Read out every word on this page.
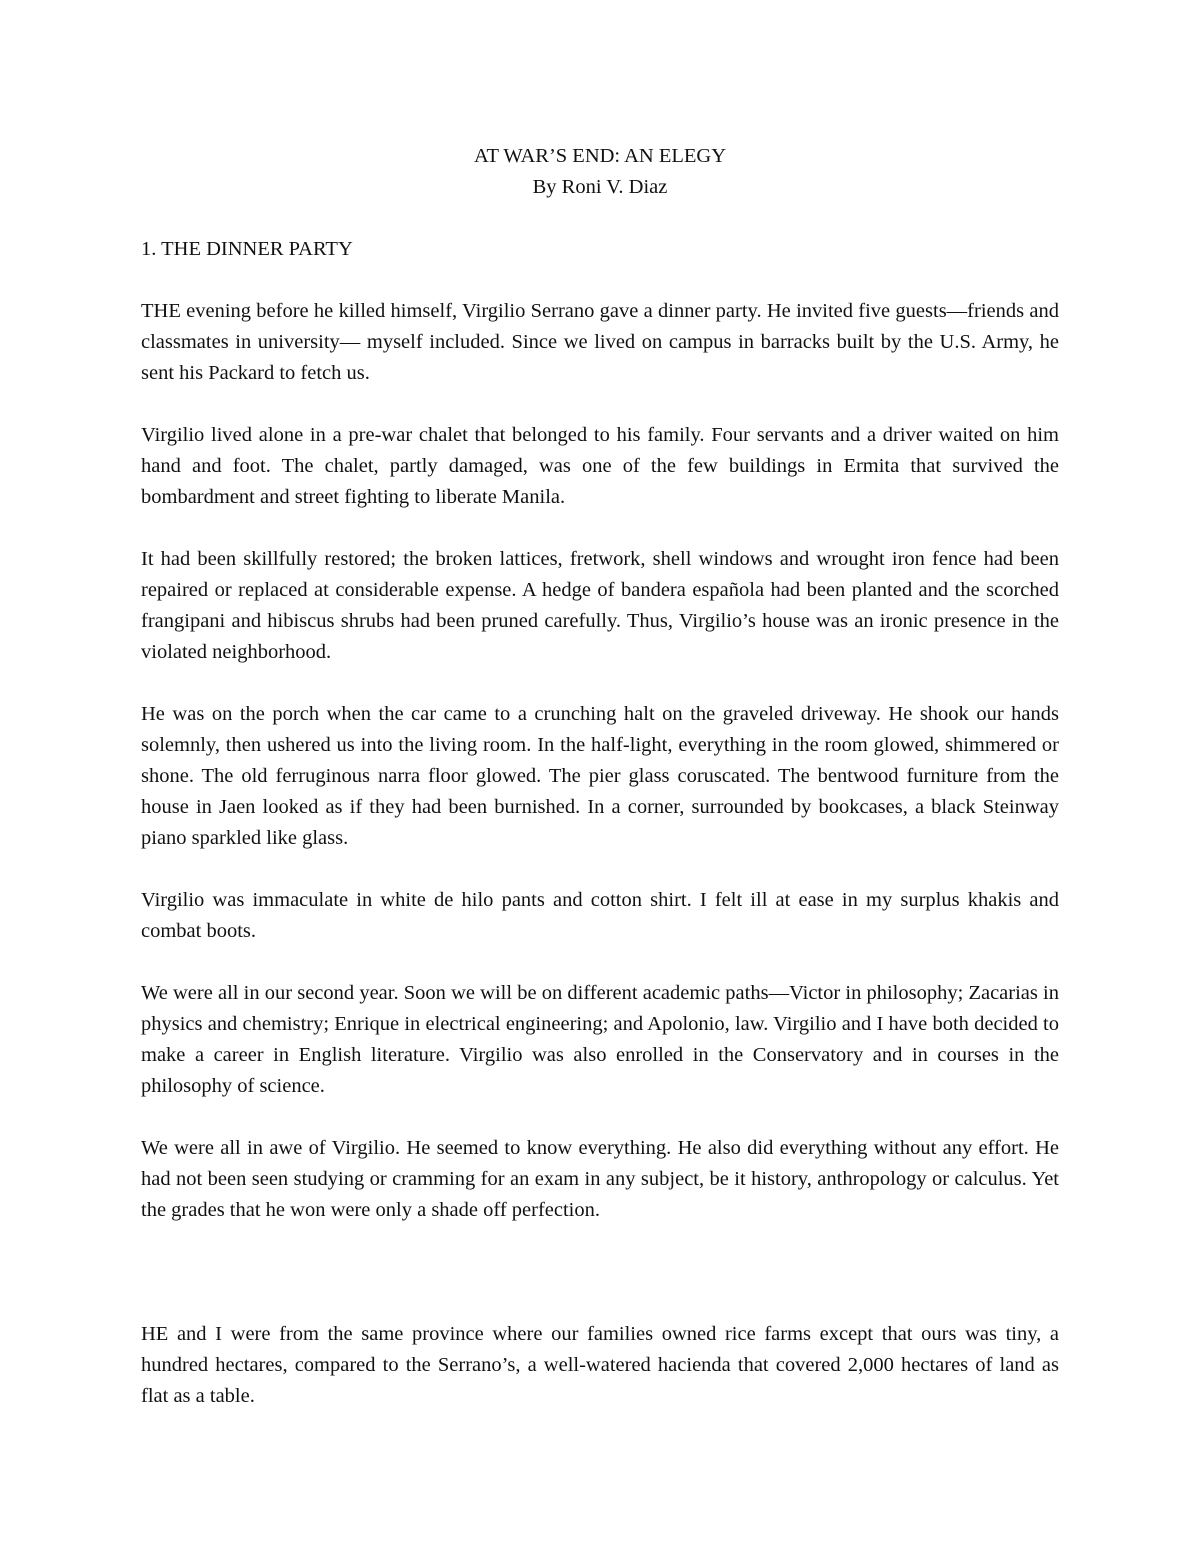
AT WAR’S END: AN ELEGY

By Roni V. Diaz

1. THE DINNER PARTY

THE evening before he killed himself, Virgilio Serrano gave a dinner party. He invited five guests—friends and classmates in university— myself included. Since we lived on campus in barracks built by the U.S. Army, he sent his Packard to fetch us.

Virgilio lived alone in a pre-war chalet that belonged to his family. Four servants and a driver waited on him hand and foot. The chalet, partly damaged, was one of the few buildings in Ermita that survived the bombardment and street fighting to liberate Manila.

It had been skillfully restored; the broken lattices, fretwork, shell windows and wrought iron fence had been repaired or replaced at considerable expense. A hedge of bandera española had been planted and the scorched frangipani and hibiscus shrubs had been pruned carefully. Thus, Virgilio’s house was an ironic presence in the violated neighborhood.

He was on the porch when the car came to a crunching halt on the graveled driveway. He shook our hands solemnly, then ushered us into the living room. In the half-light, everything in the room glowed, shimmered or shone. The old ferruginous narra floor glowed. The pier glass coruscated. The bentwood furniture from the house in Jaen looked as if they had been burnished. In a corner, surrounded by bookcases, a black Steinway piano sparkled like glass.

Virgilio was immaculate in white de hilo pants and cotton shirt. I felt ill at ease in my surplus khakis and combat boots.

We were all in our second year. Soon we will be on different academic paths—Victor in philosophy; Zacarias in physics and chemistry; Enrique in electrical engineering; and Apolonio, law. Virgilio and I have both decided to make a career in English literature. Virgilio was also enrolled in the Conservatory and in courses in the philosophy of science.

We were all in awe of Virgilio. He seemed to know everything. He also did everything without any effort. He had not been seen studying or cramming for an exam in any subject, be it history, anthropology or calculus. Yet the grades that he won were only a shade off perfection.

HE and I were from the same province where our families owned rice farms except that ours was tiny, a hundred hectares, compared to the Serrano’s, a well-watered hacienda that covered 2,000 hectares of land as flat as a table.
